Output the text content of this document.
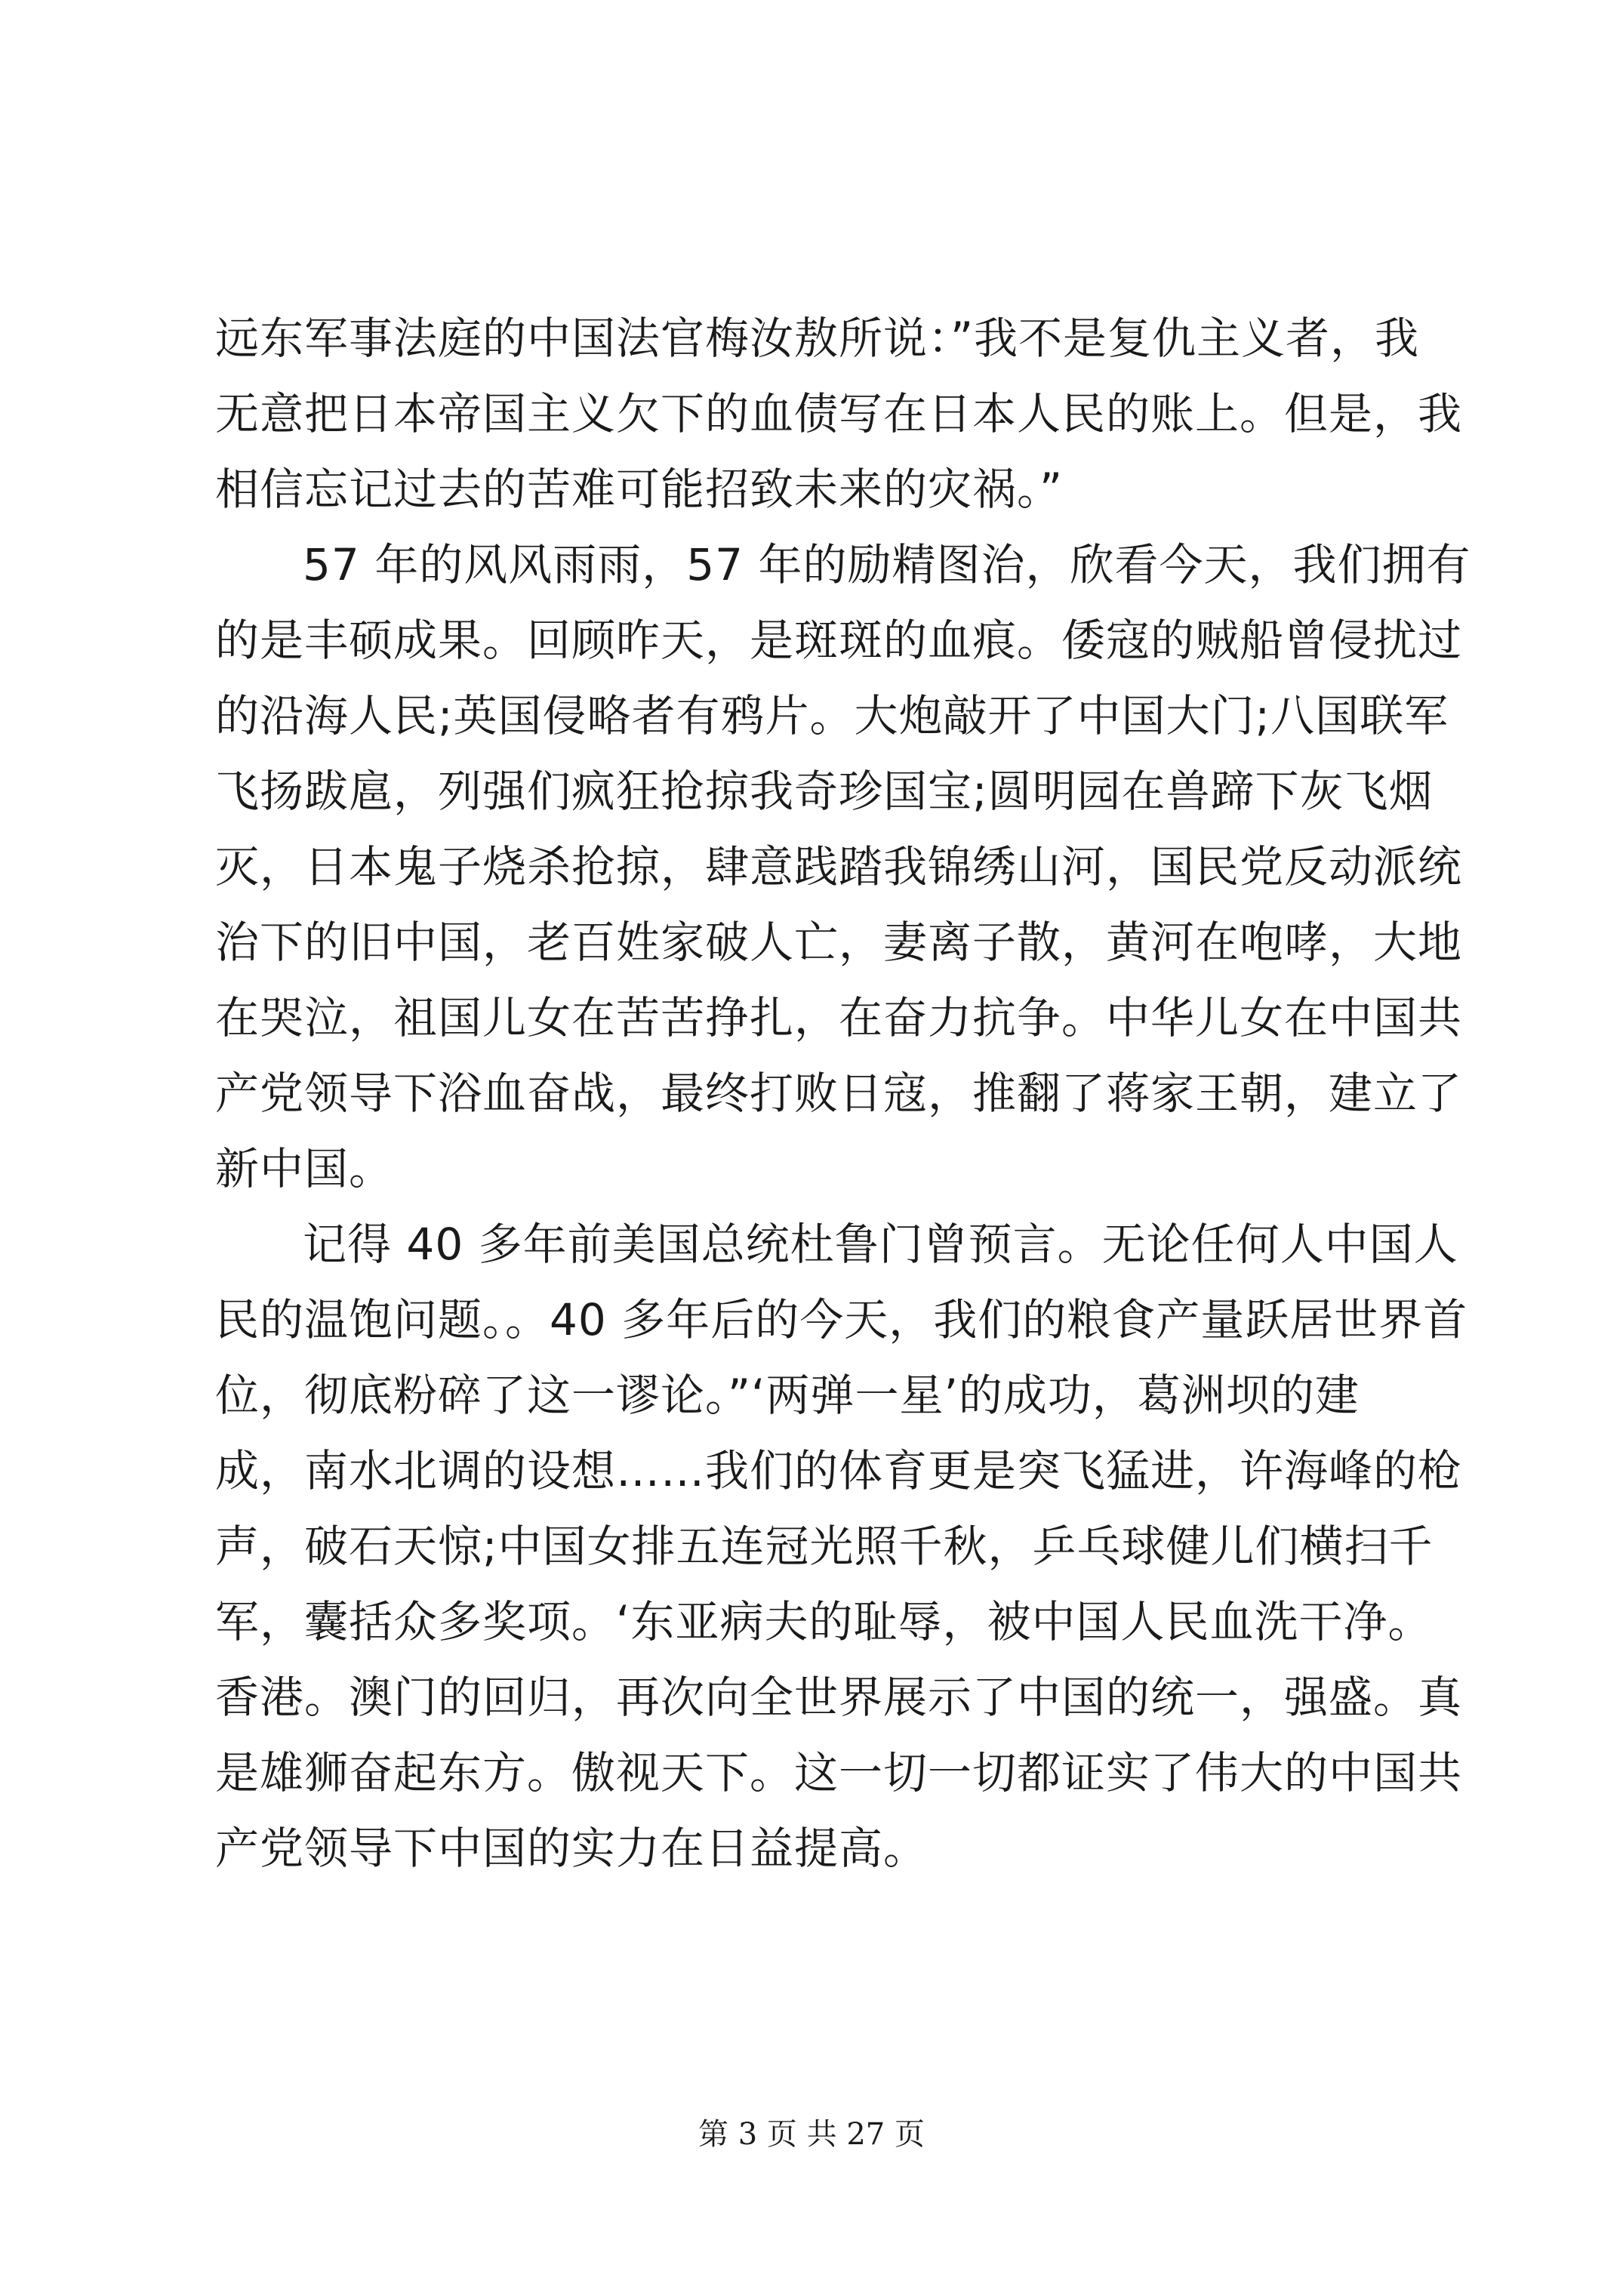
远东军事法庭的中国法官梅汝敖所说：”我不是复仇主义者，我
无意把日本帝国主义欠下的血债写在日本人民的账上。但是，我
相信忘记过去的苦难可能招致未来的灾祸。”
57 年的风风雨雨，57 年的励精图治，欣看今天，我们拥有
的是丰硕成果。回顾昨天，是斑斑的血痕。倭寇的贼船曾侵扰过
的沿海人民;英国侵略者有鸦片。大炮敲开了中国大门;八国联军
飞扬跋扈，列强们疯狂抢掠我奇珍国宝;圆明园在兽蹄下灰飞烟
灭，日本鬼子烧杀抢掠，肆意践踏我锦绣山河，国民党反动派统
治下的旧中国，老百姓家破人亡，妻离子散，黄河在咆哮，大地
在哭泣，祖国儿女在苦苦挣扎，在奋力抗争。中华儿女在中国共
产党领导下浴血奋战，最终打败日寇，推翻了蒋家王朝，建立了
新中国。
记得 40 多年前美国总统杜鲁门曾预言。无论任何人中国人
民的温饱问题。。40 多年后的今天，我们的粮食产量跃居世界首
位，彻底粉碎了这一谬论。”‘两弹一星’的成功，葛洲坝的建
成，南水北调的设想……我们的体育更是突飞猛进，许海峰的枪
声，破石天惊;中国女排五连冠光照千秋，乒乓球健儿们横扫千
军，囊括众多奖项。‘东亚病夫的耻辱，被中国人民血洗干净。
香港。澳门的回归，再次向全世界展示了中国的统一，强盛。真
是雄狮奋起东方。傲视天下。这一切一切都证实了伟大的中国共
产党领导下中国的实力在日益提高。
第 3 页 共 27 页
